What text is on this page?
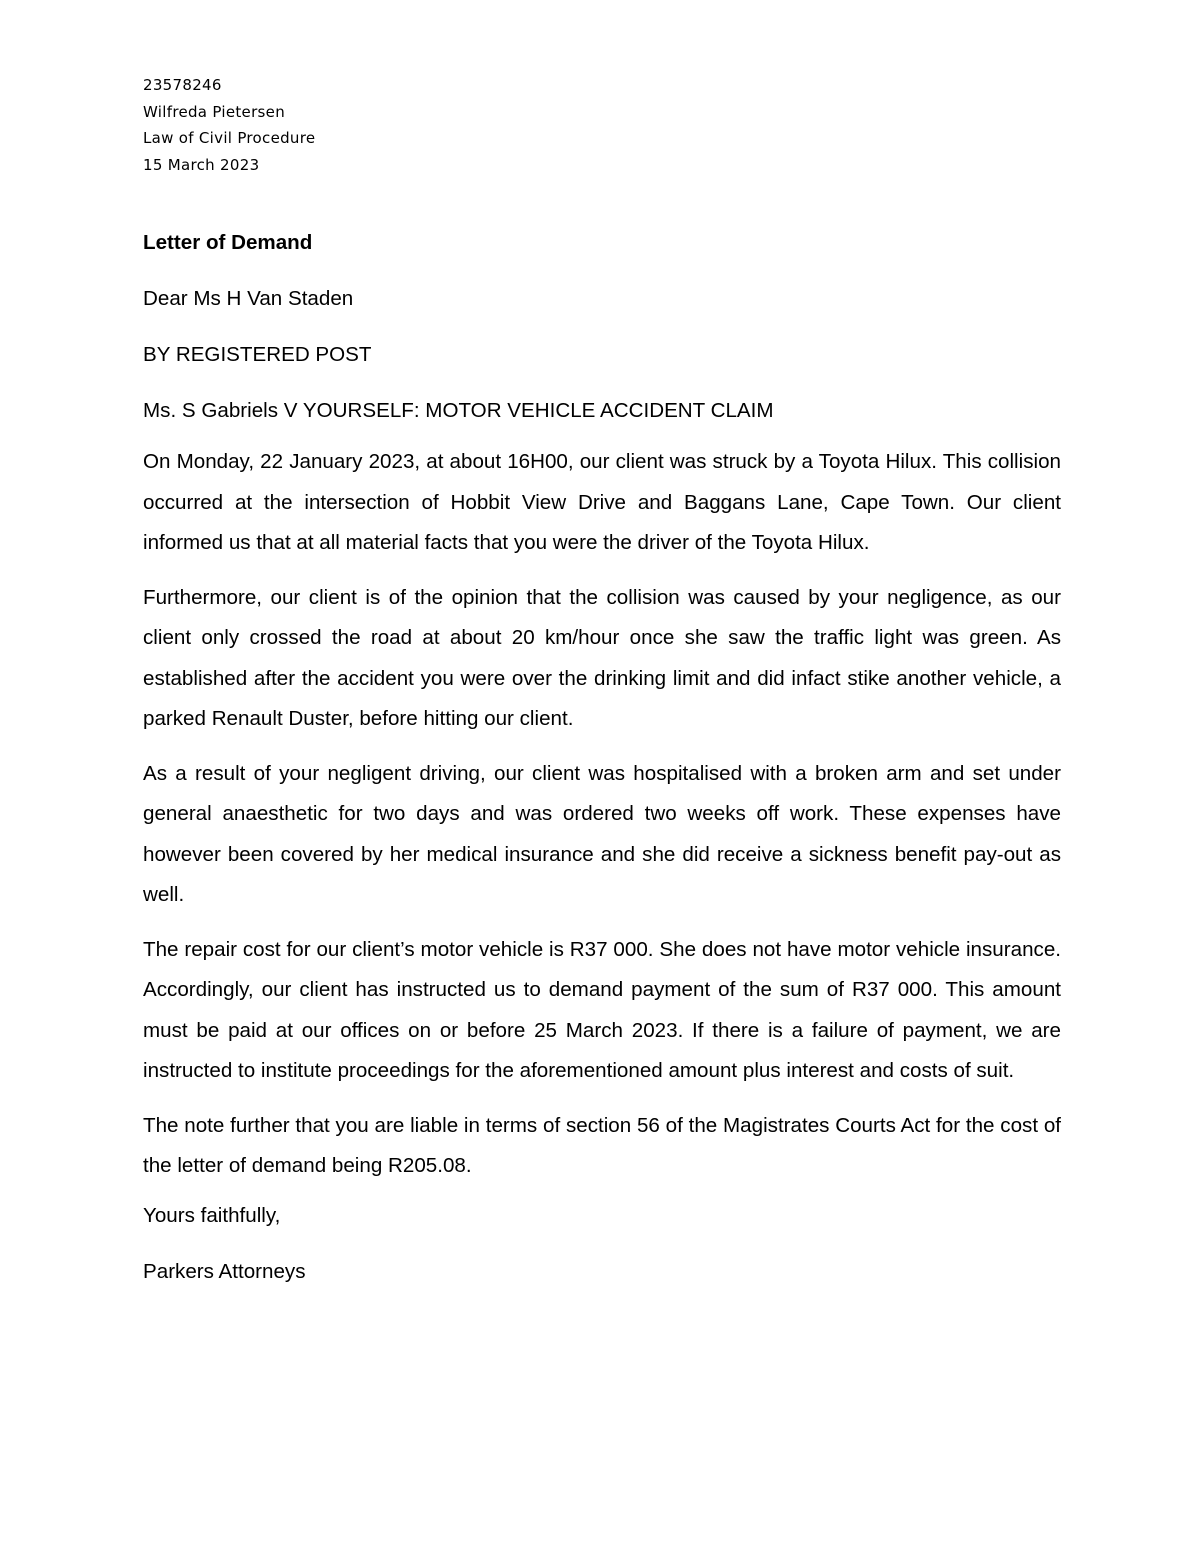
23578246
Wilfreda Pietersen
Law of Civil Procedure
15 March 2023

Letter of Demand

Dear Ms H Van Staden

BY REGISTERED POST

Ms. S Gabriels V YOURSELF: MOTOR VEHICLE ACCIDENT CLAIM

On Monday, 22 January 2023, at about 16H00, our client was struck by a Toyota Hilux. This collision occurred at the intersection of Hobbit View Drive and Baggans Lane, Cape Town. Our client informed us that at all material facts that you were the driver of the Toyota Hilux.

Furthermore, our client is of the opinion that the collision was caused by your negligence, as our client only crossed the road at about 20 km/hour once she saw the traffic light was green. As established after the accident you were over the drinking limit and did infact stike another vehicle, a parked Renault Duster, before hitting our client.

As a result of your negligent driving, our client was hospitalised with a broken arm and set under general anaesthetic for two days and was ordered two weeks off work. These expenses have however been covered by her medical insurance and she did receive a sickness benefit pay-out as well.

The repair cost for our client’s motor vehicle is R37 000. She does not have motor vehicle insurance. Accordingly, our client has instructed us to demand payment of the sum of R37 000. This amount must be paid at our offices on or before 25 March 2023. If there is a failure of payment, we are instructed to institute proceedings for the aforementioned amount plus interest and costs of suit.

The note further that you are liable in terms of section 56 of the Magistrates Courts Act for the cost of the letter of demand being R205.08.

Yours faithfully,

Parkers Attorneys
